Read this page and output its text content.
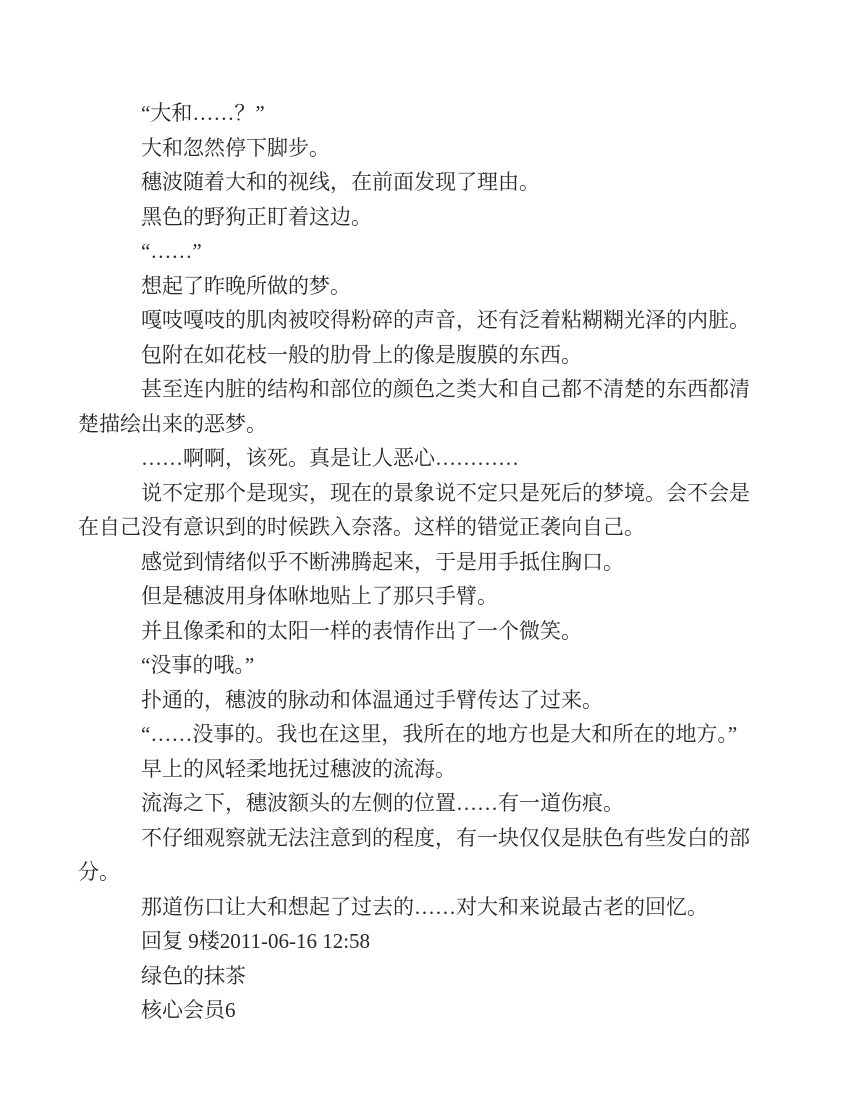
“大和……？”

大和忽然停下脚步。

穗波随着大和的视线，在前面发现了理由。

黑色的野狗正盯着这边。

“……”

想起了昨晚所做的梦。

嘎吱嘎吱的肌肉被咬得粉碎的声音，还有泛着粘糊糊光泽的内脏。

包附在如花枝一般的肋骨上的像是腹膜的东西。

甚至连内脏的结构和部位的颜色之类大和自己都不清楚的东西都清楚描绘出来的恶梦。

……啊啊，该死。真是让人恶心…………

说不定那个是现实，现在的景象说不定只是死后的梦境。会不会是在自己没有意识到的时候跌入奈落。这样的错觉正袭向自己。

感觉到情绪似乎不断沸腾起来，于是用手抵住胸口。

但是穗波用身体咻地贴上了那只手臂。

并且像柔和的太阳一样的表情作出了一个微笑。

“没事的哦。”

扑通的，穗波的脉动和体温通过手臂传达了过来。

“……没事的。我也在这里，我所在的地方也是大和所在的地方。”

早上的风轻柔地抚过穗波的流海。

流海之下，穗波额头的左侧的位置……有一道伤痕。

不仔细观察就无法注意到的程度，有一块仅仅是肤色有些发白的部分。

那道伤口让大和想起了过去的……对大和来说最古老的回忆。

回复 9楼2011-06-16 12:58

绿色的抹茶

核心会员6
